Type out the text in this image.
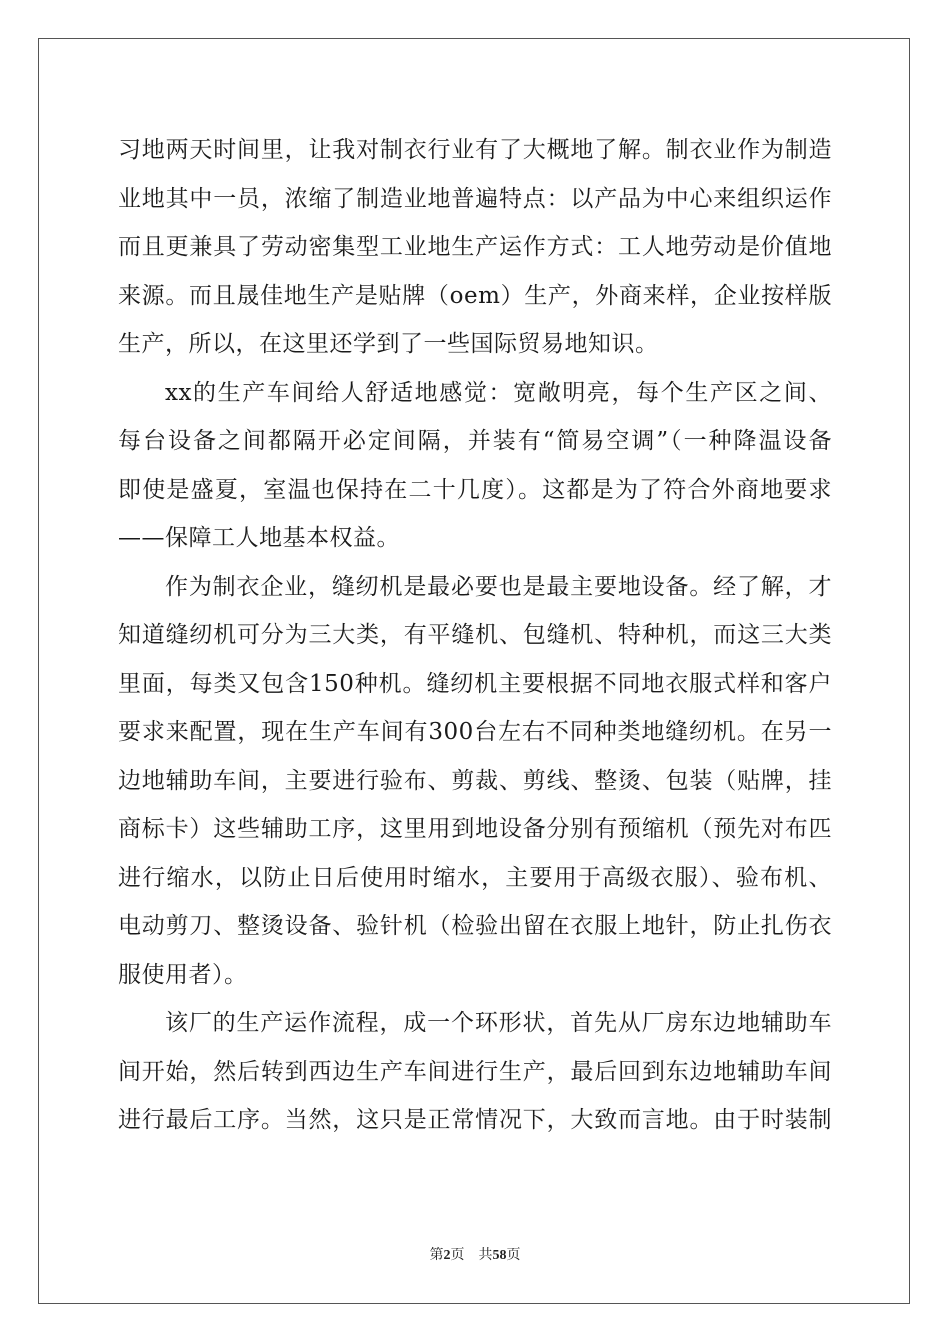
习地两天时间里，让我对制衣行业有了大概地了解。制衣业作为制造
业地其中一员，浓缩了制造业地普遍特点：以产品为中心来组织运作
而且更兼具了劳动密集型工业地生产运作方式：工人地劳动是价值地
来源。而且晟佳地生产是贴牌（oem）生产，外商来样，企业按样版
生产，所以，在这里还学到了一些国际贸易地知识。
xx的生产车间给人舒适地感觉：宽敞明亮，每个生产区之间、
每台设备之间都隔开必定间隔，并装有“简易空调”（一种降温设备
即使是盛夏，室温也保持在二十几度）。这都是为了符合外商地要求
——保障工人地基本权益。
作为制衣企业，缝纫机是最必要也是最主要地设备。经了解，才
知道缝纫机可分为三大类，有平缝机、包缝机、特种机，而这三大类
里面，每类又包含150种机。缝纫机主要根据不同地衣服式样和客户
要求来配置，现在生产车间有300台左右不同种类地缝纫机。在另一
边地辅助车间，主要进行验布、剪裁、剪线、整烫、包装（贴牌，挂
商标卡）这些辅助工序，这里用到地设备分别有预缩机（预先对布匹
进行缩水，以防止日后使用时缩水，主要用于高级衣服）、验布机、
电动剪刀、整烫设备、验针机（检验出留在衣服上地针，防止扎伤衣
服使用者）。
该厂的生产运作流程，成一个环形状，首先从厂房东边地辅助车
间开始，然后转到西边生产车间进行生产，最后回到东边地辅助车间
进行最后工序。当然，这只是正常情况下，大致而言地。由于时装制
第2页 共58页
